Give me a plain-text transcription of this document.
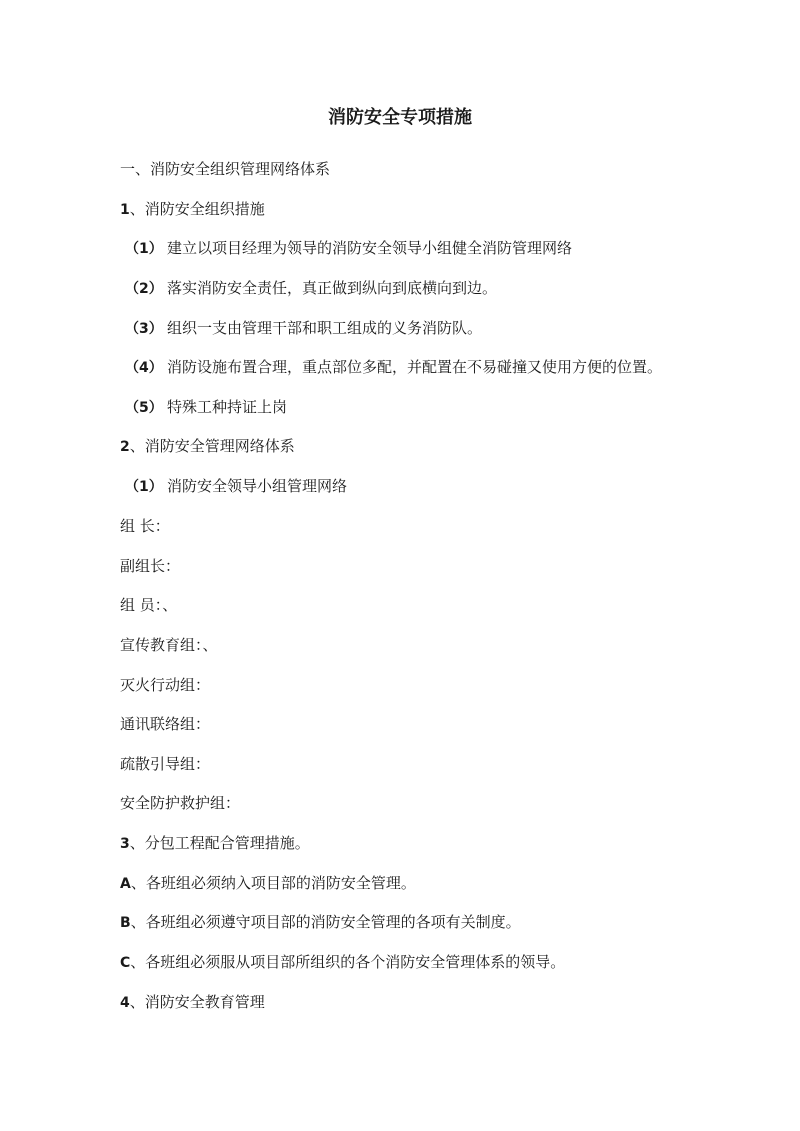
消防安全专项措施
一、消防安全组织管理网络体系
1、消防安全组织措施
（1） 建立以项目经理为领导的消防安全领导小组健全消防管理网络
（2） 落实消防安全责任，真正做到纵向到底横向到边。
（3） 组织一支由管理干部和职工组成的义务消防队。
（4） 消防设施布置合理，重点部位多配，并配置在不易碰撞又使用方便的位置。
（5） 特殊工种持证上岗
2、消防安全管理网络体系
（1） 消防安全领导小组管理网络
组 长：
副组长：
组 员：、
宣传教育组：、
灭火行动组：
通讯联络组：
疏散引导组：
安全防护救护组：
3、分包工程配合管理措施。
A、各班组必须纳入项目部的消防安全管理。
B、各班组必须遵守项目部的消防安全管理的各项有关制度。
C、各班组必须服从项目部所组织的各个消防安全管理体系的领导。
4、消防安全教育管理
